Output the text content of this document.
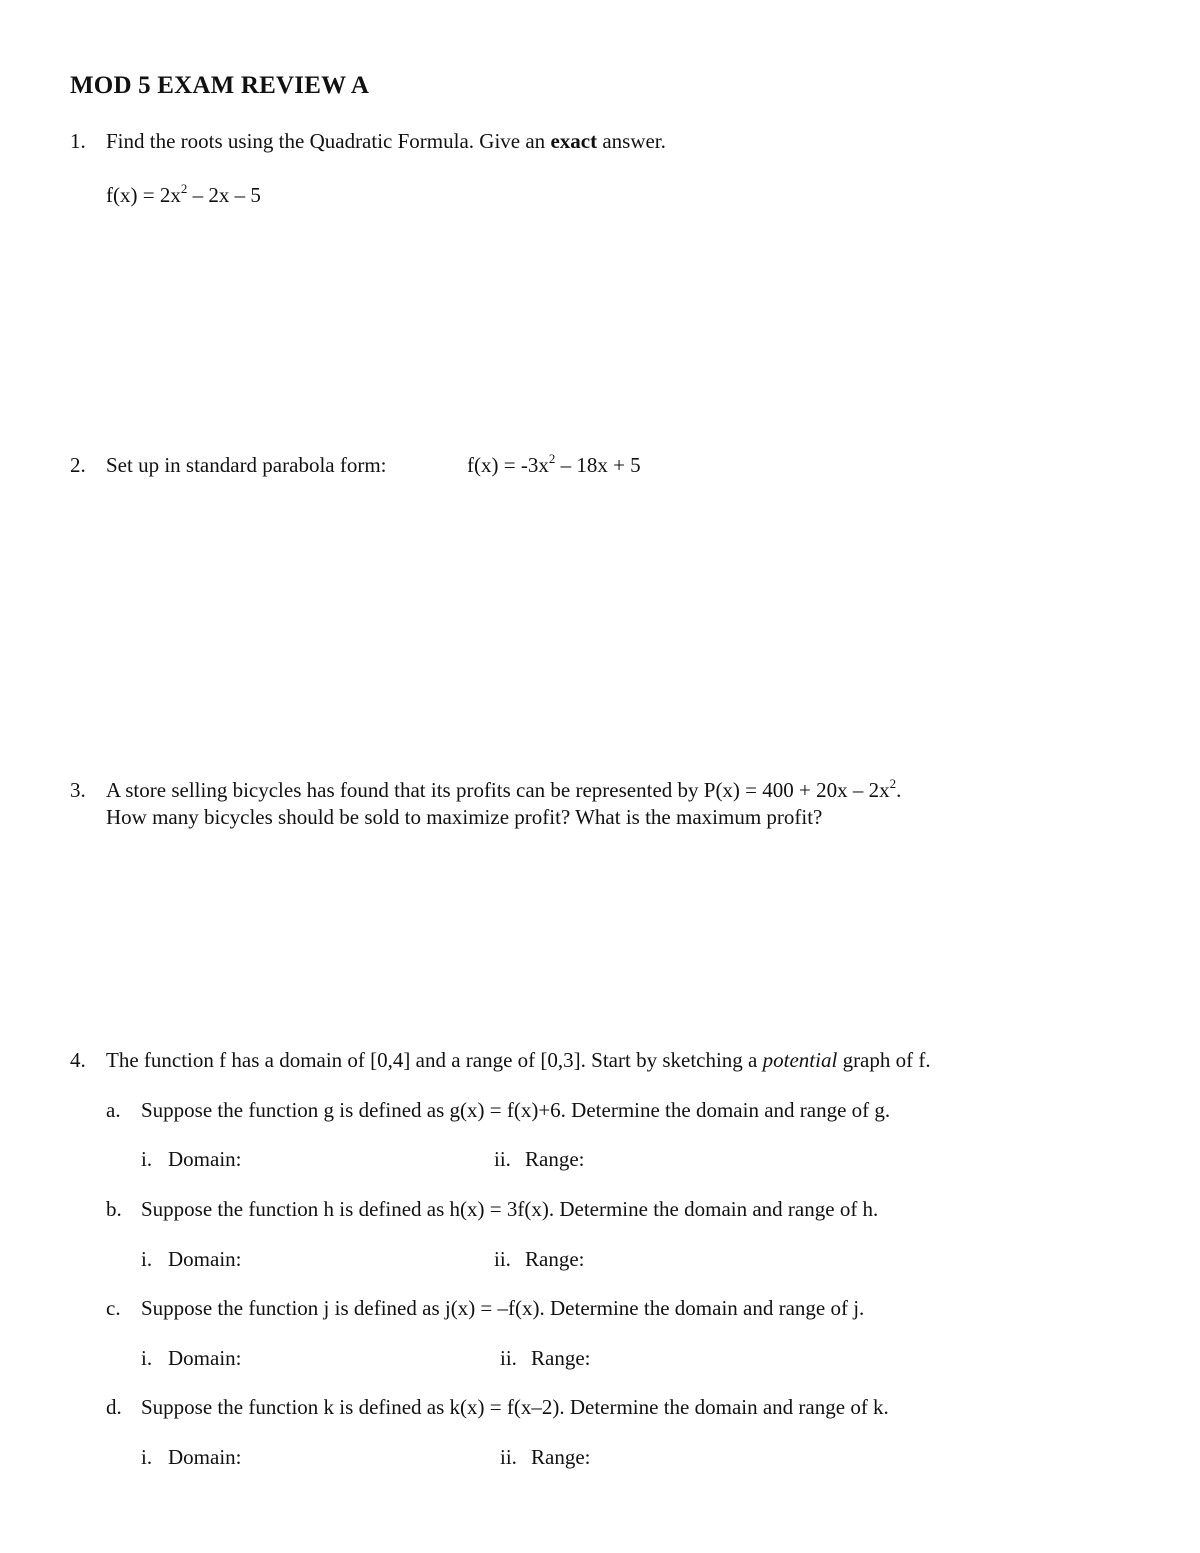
MOD 5 EXAM REVIEW A
1. Find the roots using the Quadratic Formula. Give an exact answer.
$f(x) = 2x^2 - 2x - 5$
2. Set up in standard parabola form:	$f(x) = -3x^2 - 18x + 5$
3. A store selling bicycles has found that its profits can be represented by $P(x) = 400 + 20x - 2x^2$.
How many bicycles should be sold to maximize profit? What is the maximum profit?
4. The function f has a domain of [0,4] and a range of [0,3]. Start by sketching a potential graph of f.
a. Suppose the function g is defined as g(x) = f(x)+6. Determine the domain and range of g.
i. Domain:	ii. Range:
b. Suppose the function h is defined as h(x) = 3f(x). Determine the domain and range of h.
i. Domain:	ii. Range:
c. Suppose the function j is defined as j(x) = –f(x). Determine the domain and range of j.
i. Domain:	ii. Range:
d. Suppose the function k is defined as k(x) = f(x–2). Determine the domain and range of k.
i. Domain:	ii. Range:
